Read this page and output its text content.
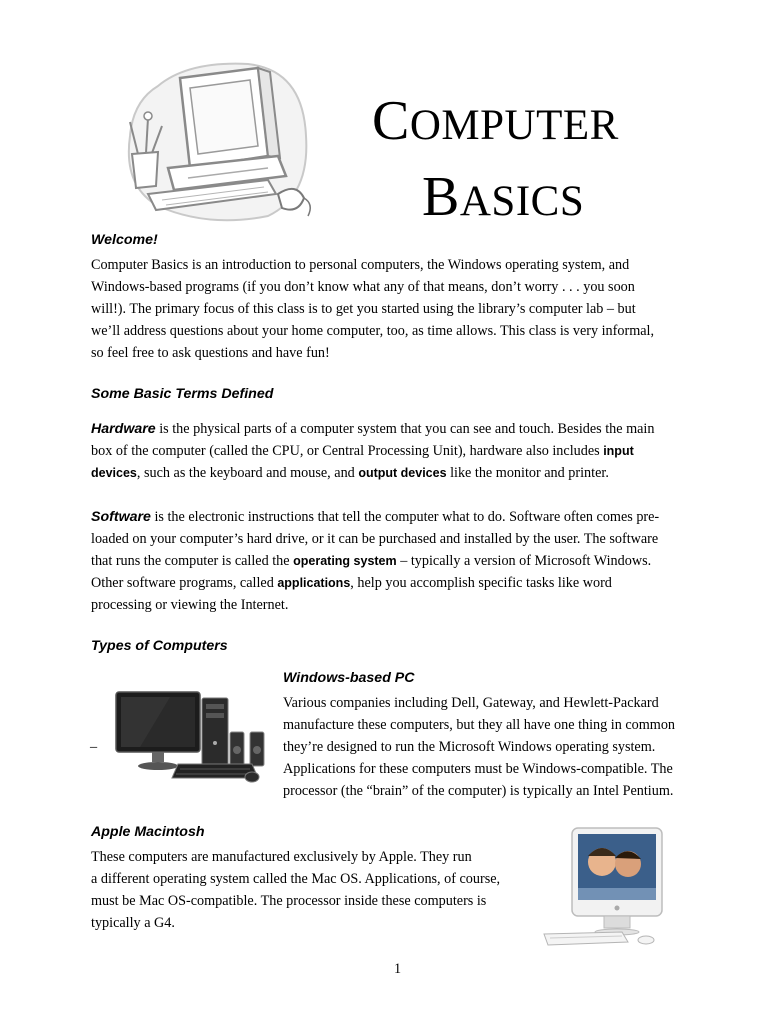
COMPUTER
BASICS
Welcome!
Computer Basics is an introduction to personal computers, the Windows operating system, and
Windows-based programs (if you don’t know what any of that means, don’t worry . . . you soon
will!). The primary focus of this class is to get you started using the library’s computer lab – but
we’ll address questions about your home computer, too, as time allows. This class is very informal,
so feel free to ask questions and have fun!
Some Basic Terms Defined
Hardware is the physical parts of a computer system that you can see and touch. Besides the main
box of the computer (called the CPU, or Central Processing Unit), hardware also includes input
devices, such as the keyboard and mouse, and output devices like the monitor and printer.
Software is the electronic instructions that tell the computer what to do. Software often comes pre-
loaded on your computer’s hard drive, or it can be purchased and installed by the user. The software
that runs the computer is called the operating system – typically a version of Microsoft Windows.
Other software programs, called applications, help you accomplish specific tasks like word
processing or viewing the Internet.
Types of Computers
–
Windows-based PC
Various companies including Dell, Gateway, and Hewlett-Packard
manufacture these computers, but they all have one thing in common
they’re designed to run the Microsoft Windows operating system.
Applications for these computers must be Windows-compatible. The
processor (the “brain” of the computer) is typically an Intel Pentium.
Apple Macintosh
These computers are manufactured exclusively by Apple. They run
a different operating system called the Mac OS. Applications, of course,
must be Mac OS-compatible. The processor inside these computers is
typically a G4.
1
